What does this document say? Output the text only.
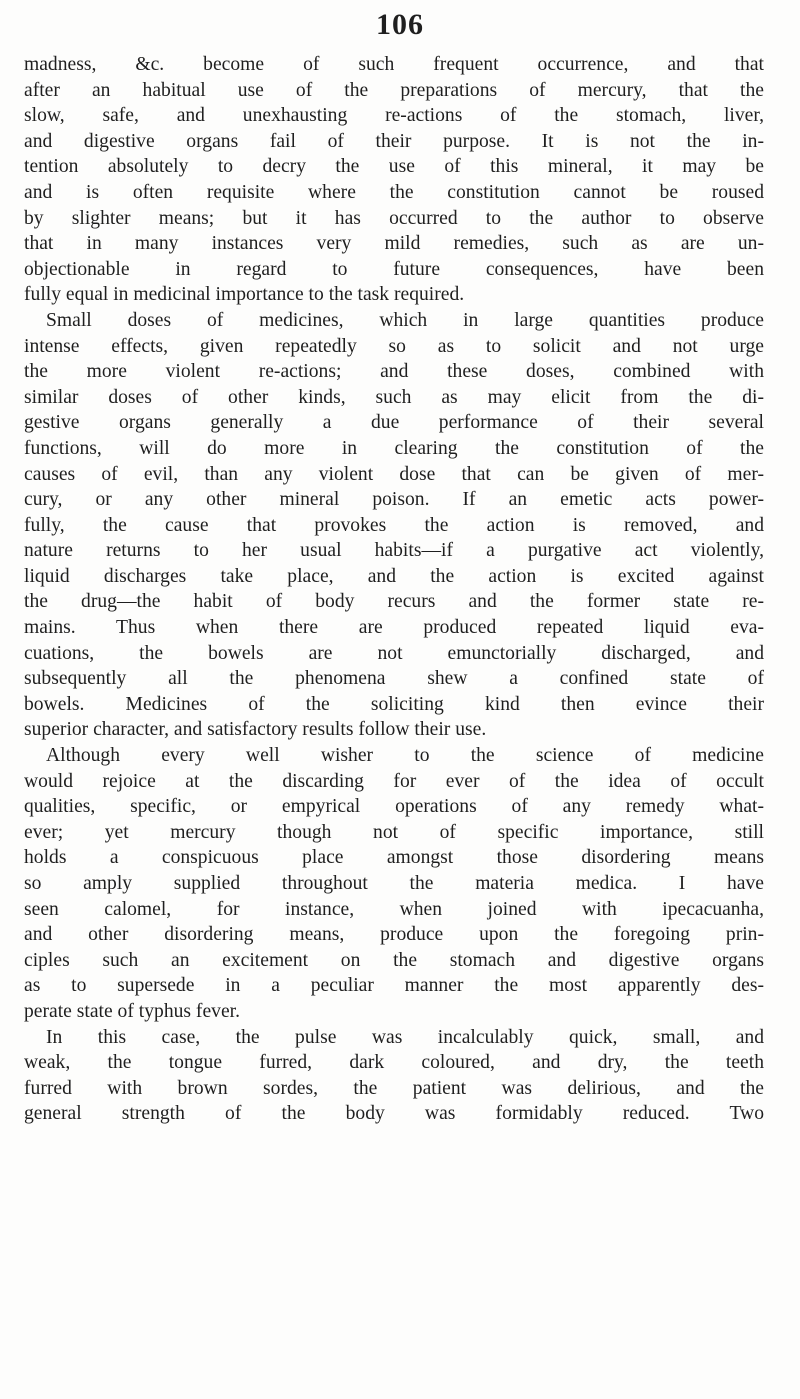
106
madness, &c. become of such frequent occurrence, and that
after an habitual use of the preparations of mercury, that the
slow, safe, and unexhausting re-actions of the stomach, liver,
and digestive organs fail of their purpose. It is not the in-
tention absolutely to decry the use of this mineral, it may be
and is often requisite where the constitution cannot be roused
by slighter means; but it has occurred to the author to observe
that in many instances very mild remedies, such as are un-
objectionable in regard to future consequences, have been
fully equal in medicinal importance to the task required.
Small doses of medicines, which in large quantities produce
intense effects, given repeatedly so as to solicit and not urge
the more violent re-actions; and these doses, combined with
similar doses of other kinds, such as may elicit from the di-
gestive organs generally a due performance of their several
functions, will do more in clearing the constitution of the
causes of evil, than any violent dose that can be given of mer-
cury, or any other mineral poison. If an emetic acts power-
fully, the cause that provokes the action is removed, and
nature returns to her usual habits—if a purgative act violently,
liquid discharges take place, and the action is excited against
the drug—the habit of body recurs and the former state re-
mains. Thus when there are produced repeated liquid eva-
cuations, the bowels are not emunctorially discharged, and
subsequently all the phenomena shew a confined state of
bowels. Medicines of the soliciting kind then evince their
superior character, and satisfactory results follow their use.
Although every well wisher to the science of medicine
would rejoice at the discarding for ever of the idea of occult
qualities, specific, or empyrical operations of any remedy what-
ever; yet mercury though not of specific importance, still
holds a conspicuous place amongst those disordering means
so amply supplied throughout the materia medica. I have
seen calomel, for instance, when joined with ipecacuanha,
and other disordering means, produce upon the foregoing prin-
ciples such an excitement on the stomach and digestive organs
as to supersede in a peculiar manner the most apparently des-
perate state of typhus fever.
In this case, the pulse was incalculably quick, small, and
weak, the tongue furred, dark coloured, and dry, the teeth
furred with brown sordes, the patient was delirious, and the
general strength of the body was formidably reduced. Two
